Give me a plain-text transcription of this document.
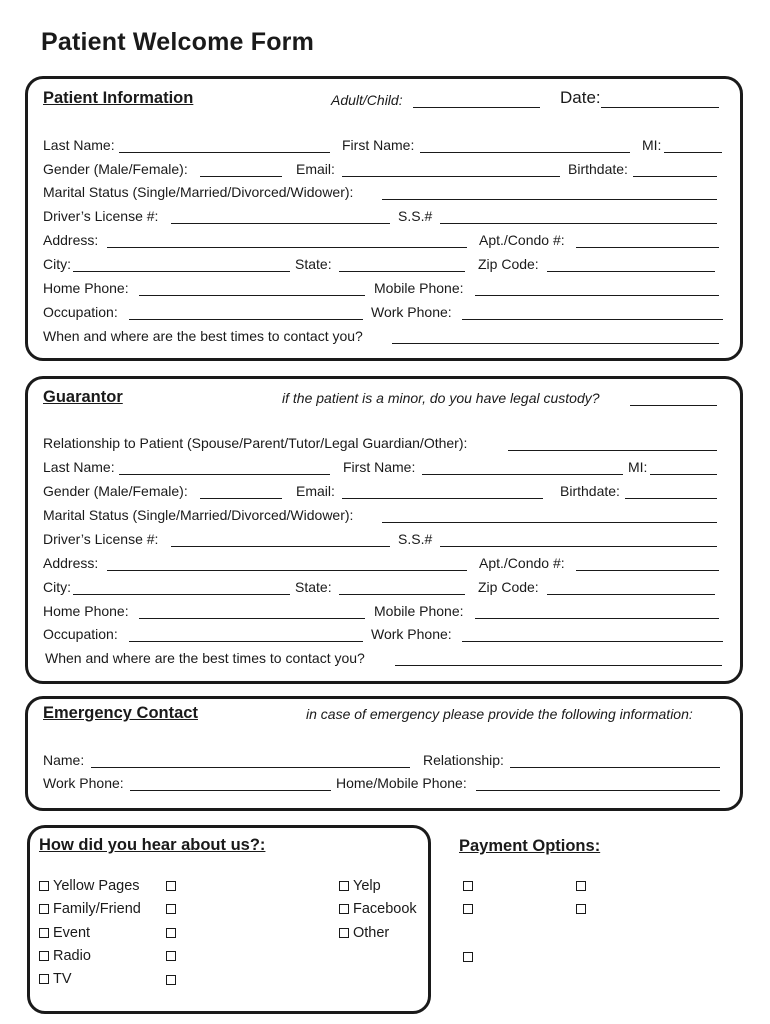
Patient Welcome Form
Patient Information	Adult/Child:	Date:
Last Name:	First Name:	MI:
Gender (Male/Female):	Email:	Birthdate:
Marital Status (Single/Married/Divorced/Widower):
Driver’s License #:	S.S.#
Address:	Apt./Condo #:
City:	State:	Zip Code:
Home Phone:	Mobile Phone:
Occupation:	Work Phone:
When and where are the best times to contact you?
Guarantor	if the patient is a minor, do you have legal custody?
Relationship to Patient (Spouse/Parent/Tutor/Legal Guardian/Other):
Last Name:	First Name:	MI:
Gender (Male/Female):	Email:	Birthdate:
Marital Status (Single/Married/Divorced/Widower):
Driver’s License #:	S.S.#
Address:	Apt./Condo #:
City:	State:	Zip Code:
Home Phone:	Mobile Phone:
Occupation:	Work Phone:
When and where are the best times to contact you?
Emergency Contact	in case of emergency please provide the following information:
Name:	Relationship:
Work Phone:	Home/Mobile Phone:
How did you hear about us?:
Yellow Pages	Yelp
Family/Friend	Facebook
Event	Other
Radio
TV
Payment Options:
